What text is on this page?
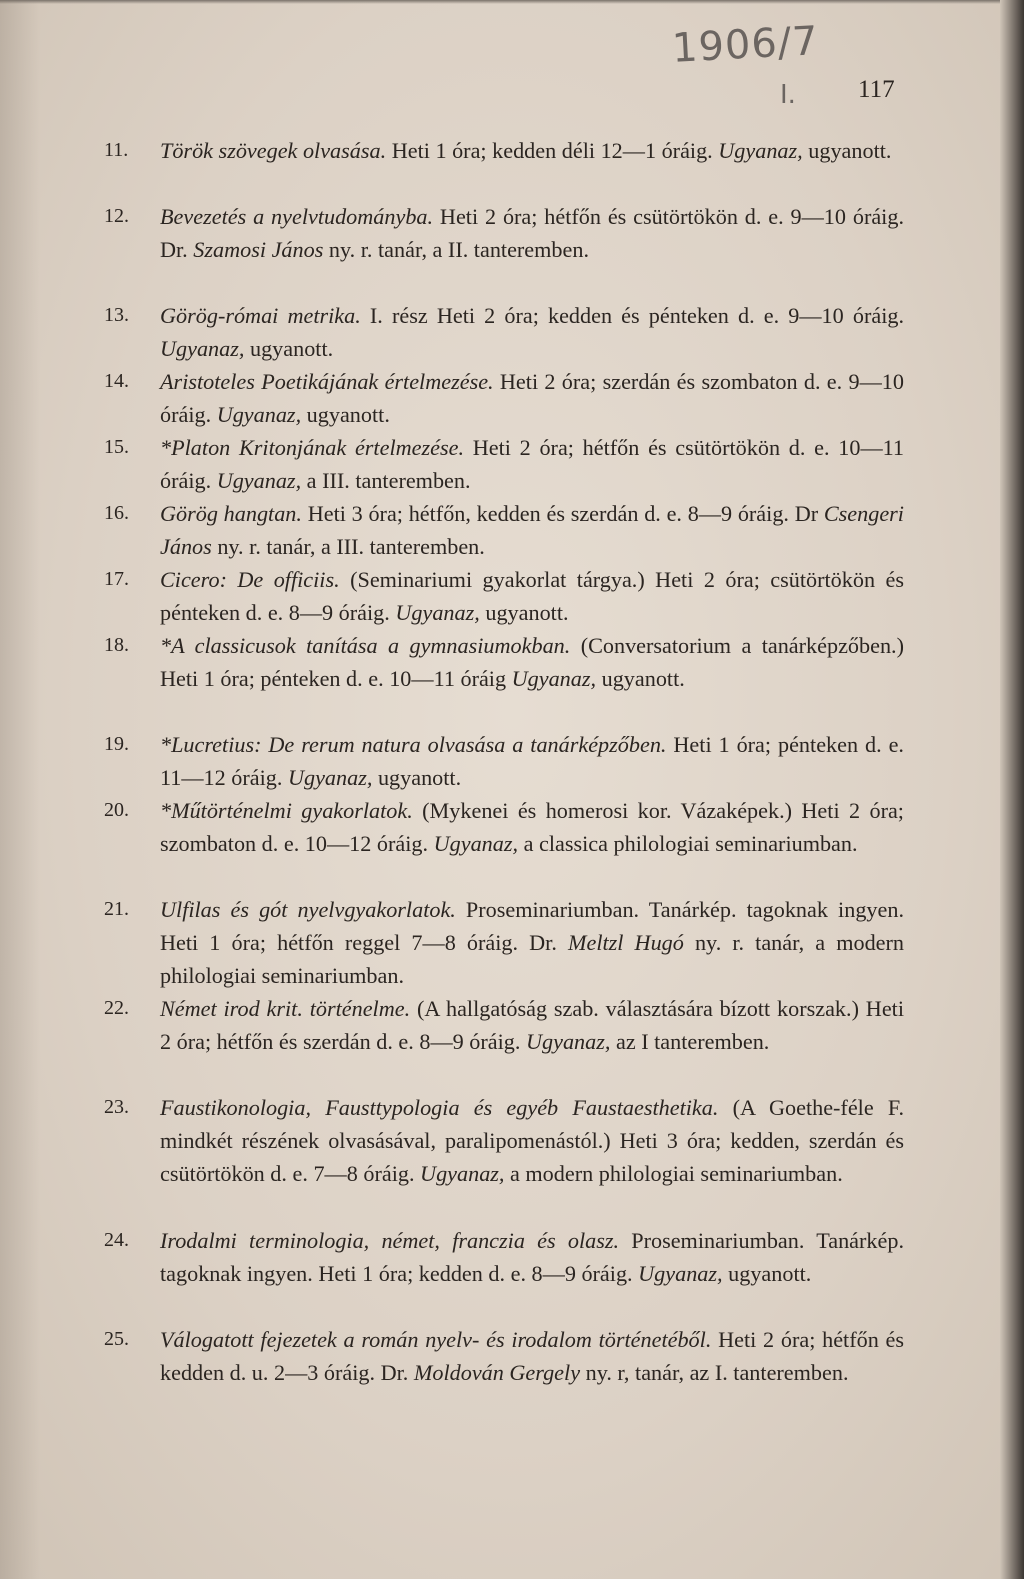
1906/7
I. 117

11. Török szövegek olvasása. Heti 1 óra; kedden déli 12—1 óráig. Ugyanaz, ugyanott.

12. Bevezetés a nyelvtudományba. Heti 2 óra; hétfőn és csütörtökön d. e. 9—10 óráig. Dr. Szamosi János ny. r. tanár, a II. tanteremben.

13. Görög-római metrika. I. rész Heti 2 óra; kedden és pénteken d. e. 9—10 óráig. Ugyanaz, ugyanott.

14. Aristoteles Poetikájának értelmezése. Heti 2 óra; szerdán és szombaton d. e. 9—10 óráig. Ugyanaz, ugyanott.

15. *Platon Kritonjának értelmezése. Heti 2 óra; hétfőn és csütörtökön d. e. 10—11 óráig. Ugyanaz, a III. tanteremben.

16. Görög hangtan. Heti 3 óra; hétfőn, kedden és szerdán d. e. 8—9 óráig. Dr Csengeri János ny. r. tanár, a III. tanteremben.

17. Cicero: De officiis. (Seminariumi gyakorlat tárgya.) Heti 2 óra; csütörtökön és pénteken d. e. 8—9 óráig. Ugyanaz, ugyanott.

18. *A classicusok tanítása a gymnasiumokban. (Conversatorium a tanárképzőben.) Heti 1 óra; pénteken d. e. 10—11 óráig Ugyanaz, ugyanott.

19. *Lucretius: De rerum natura olvasása a tanárképzőben. Heti 1 óra; pénteken d. e. 11—12 óráig. Ugyanaz, ugyanott.

20. *Műtörténelmi gyakorlatok. (Mykenei és homerosi kor. Vázaképek.) Heti 2 óra; szombaton d. e. 10—12 óráig. Ugyanaz, a classica philologiai seminariumban.

21. Ulfilas és gót nyelvgyakorlatok. Proseminariumban. Tanárkép. tagoknak ingyen. Heti 1 óra; hétfőn reggel 7—8 óráig. Dr. Meltzl Hugó ny. r. tanár, a modern philologiai seminariumban.

22. Német irod krit. történelme. (A hallgatóság szab. választására bízott korszak.) Heti 2 óra; hétfőn és szerdán d. e. 8—9 óráig. Ugyanaz, az I tanteremben.

23. Faustikonologia, Fausttypologia és egyéb Faustaesthetika. (A Goethe-féle F. mindkét részének olvasásával, paralipomenástól.) Heti 3 óra; kedden, szerdán és csütörtökön d. e. 7—8 óráig. Ugyanaz, a modern philologiai seminariumban.

24. Irodalmi terminologia, német, franczia és olasz. Proseminariumban. Tanárkép. tagoknak ingyen. Heti 1 óra; kedden d. e. 8—9 óráig. Ugyanaz, ugyanott.

25. Válogatott fejezetek a román nyelv- és irodalom történetéből. Heti 2 óra; hétfőn és kedden d. u. 2—3 óráig. Dr. Moldován Gergely ny. r, tanár, az I. tanteremben.
